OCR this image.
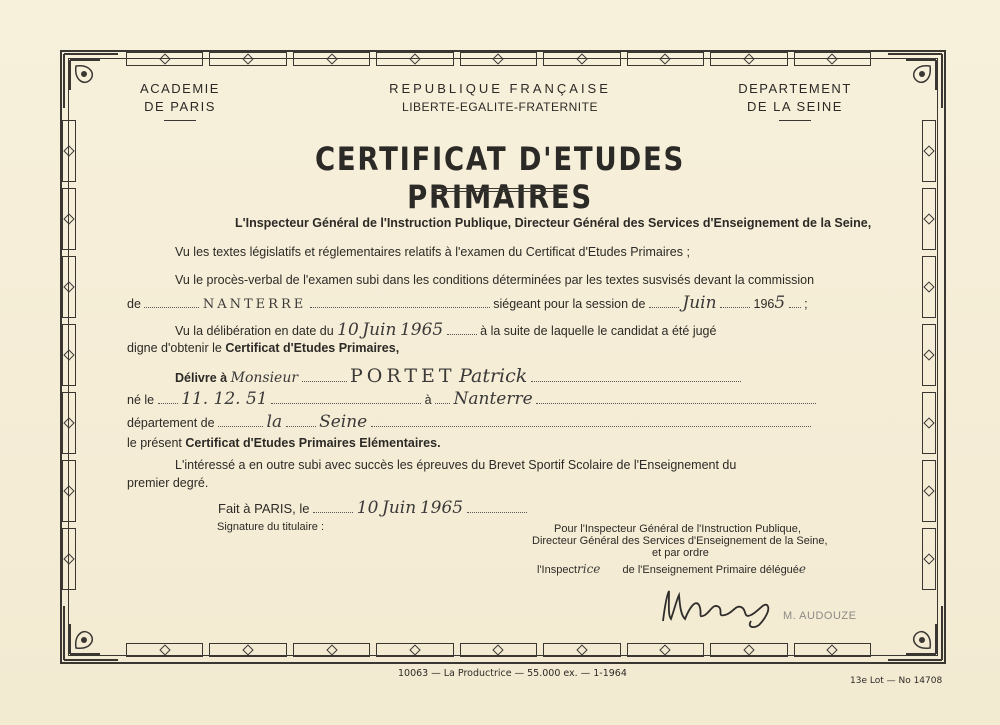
ACADEMIE
DE PARIS
REPUBLIQUE FRANÇAISE
LIBERTE-EGALITE-FRATERNITE
DEPARTEMENT
DE LA SEINE
CERTIFICAT D'ETUDES PRIMAIRES
L'Inspecteur Général de l'Instruction Publique, Directeur Général des Services d'Enseignement de la Seine,
Vu les textes législatifs et réglementaires relatifs à l'examen du Certificat d'Etudes Primaires ;
Vu le procès-verbal de l'examen subi dans les conditions déterminées par les textes susvisés devant la commission
de	NANTERRE	siégeant pour la session de Juin	1965 ;
Vu la délibération en date du 10 Juin 1965	à la suite de laquelle le candidat a été jugé
digne d'obtenir le Certificat d'Etudes Primaires,
Délivre à Monsieur	PORTET Patrick
né le 11. 12. 51	à Nanterre
département de	la Seine
le présent Certificat d'Etudes Primaires Elémentaires.
L'intéressé a en outre subi avec succès les épreuves du Brevet Sportif Scolaire de l'Enseignement du
premier degré.
Fait à PARIS, le	10 Juin 1965
Signature du titulaire :	Pour l'Inspecteur Général de l'Instruction Publique,
Directeur Général des Services d'Enseignement de la Seine,
et par ordre
l'Inspectrice de l'Enseignement Primaire déléguée
M. AUDOUZE
10063 — La Productrice — 55.000 ex. — 1-1964
13e Lot — No 14708
